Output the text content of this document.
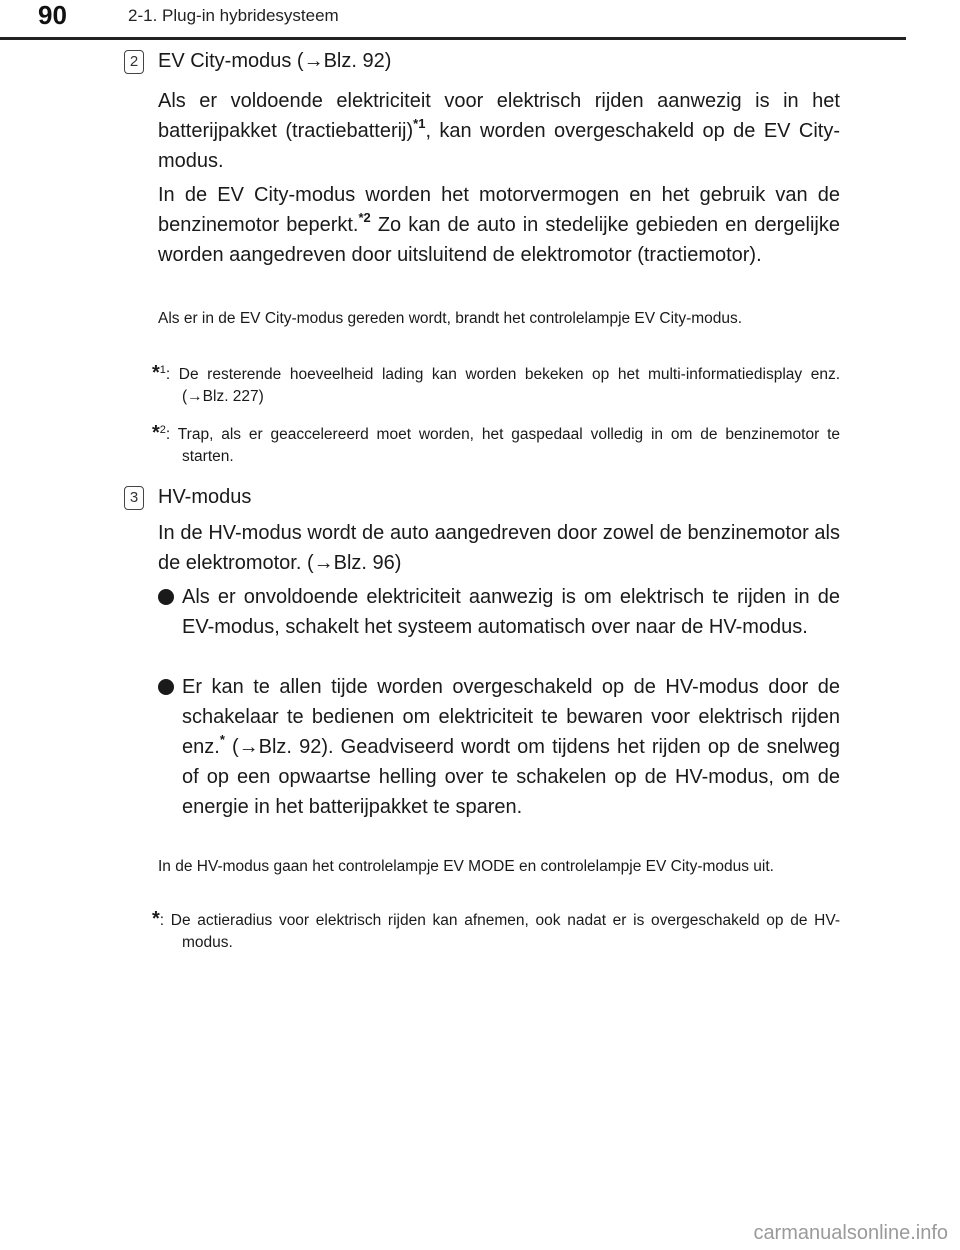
90	2-1. Plug-in hybridesysteem
2 EV City-modus (→Blz. 92)
Als er voldoende elektriciteit voor elektrisch rijden aanwezig is in het batterijpakket (tractiebatterij)$^{*1}$, kan worden overgeschakeld op de EV City-modus.
In de EV City-modus worden het motorvermogen en het gebruik van de benzinemotor beperkt.$^{*2}$ Zo kan de auto in stedelijke gebieden en dergelijke worden aangedreven door uitsluitend de elektromotor (tractiemotor).
Als er in de EV City-modus gereden wordt, brandt het controlelampje EV City-modus.
*$^1$: De resterende hoeveelheid lading kan worden bekeken op het multi-informatiedisplay enz. (→Blz. 227)
*$^2$: Trap, als er geaccelereerd moet worden, het gaspedaal volledig in om de benzinemotor te starten.
3 HV-modus
In de HV-modus wordt de auto aangedreven door zowel de benzinemotor als de elektromotor. (→Blz. 96)
Als er onvoldoende elektriciteit aanwezig is om elektrisch te rijden in de EV-modus, schakelt het systeem automatisch over naar de HV-modus.
Er kan te allen tijde worden overgeschakeld op de HV-modus door de schakelaar te bedienen om elektriciteit te bewaren voor elektrisch rijden enz.* (→Blz. 92). Geadviseerd wordt om tijdens het rijden op de snelweg of op een opwaartse helling over te schakelen op de HV-modus, om de energie in het batterijpakket te sparen.
In de HV-modus gaan het controlelampje EV MODE en controlelampje EV City-modus uit.
*: De actieradius voor elektrisch rijden kan afnemen, ook nadat er is overgeschakeld op de HV-modus.
carmanualsonline.info
